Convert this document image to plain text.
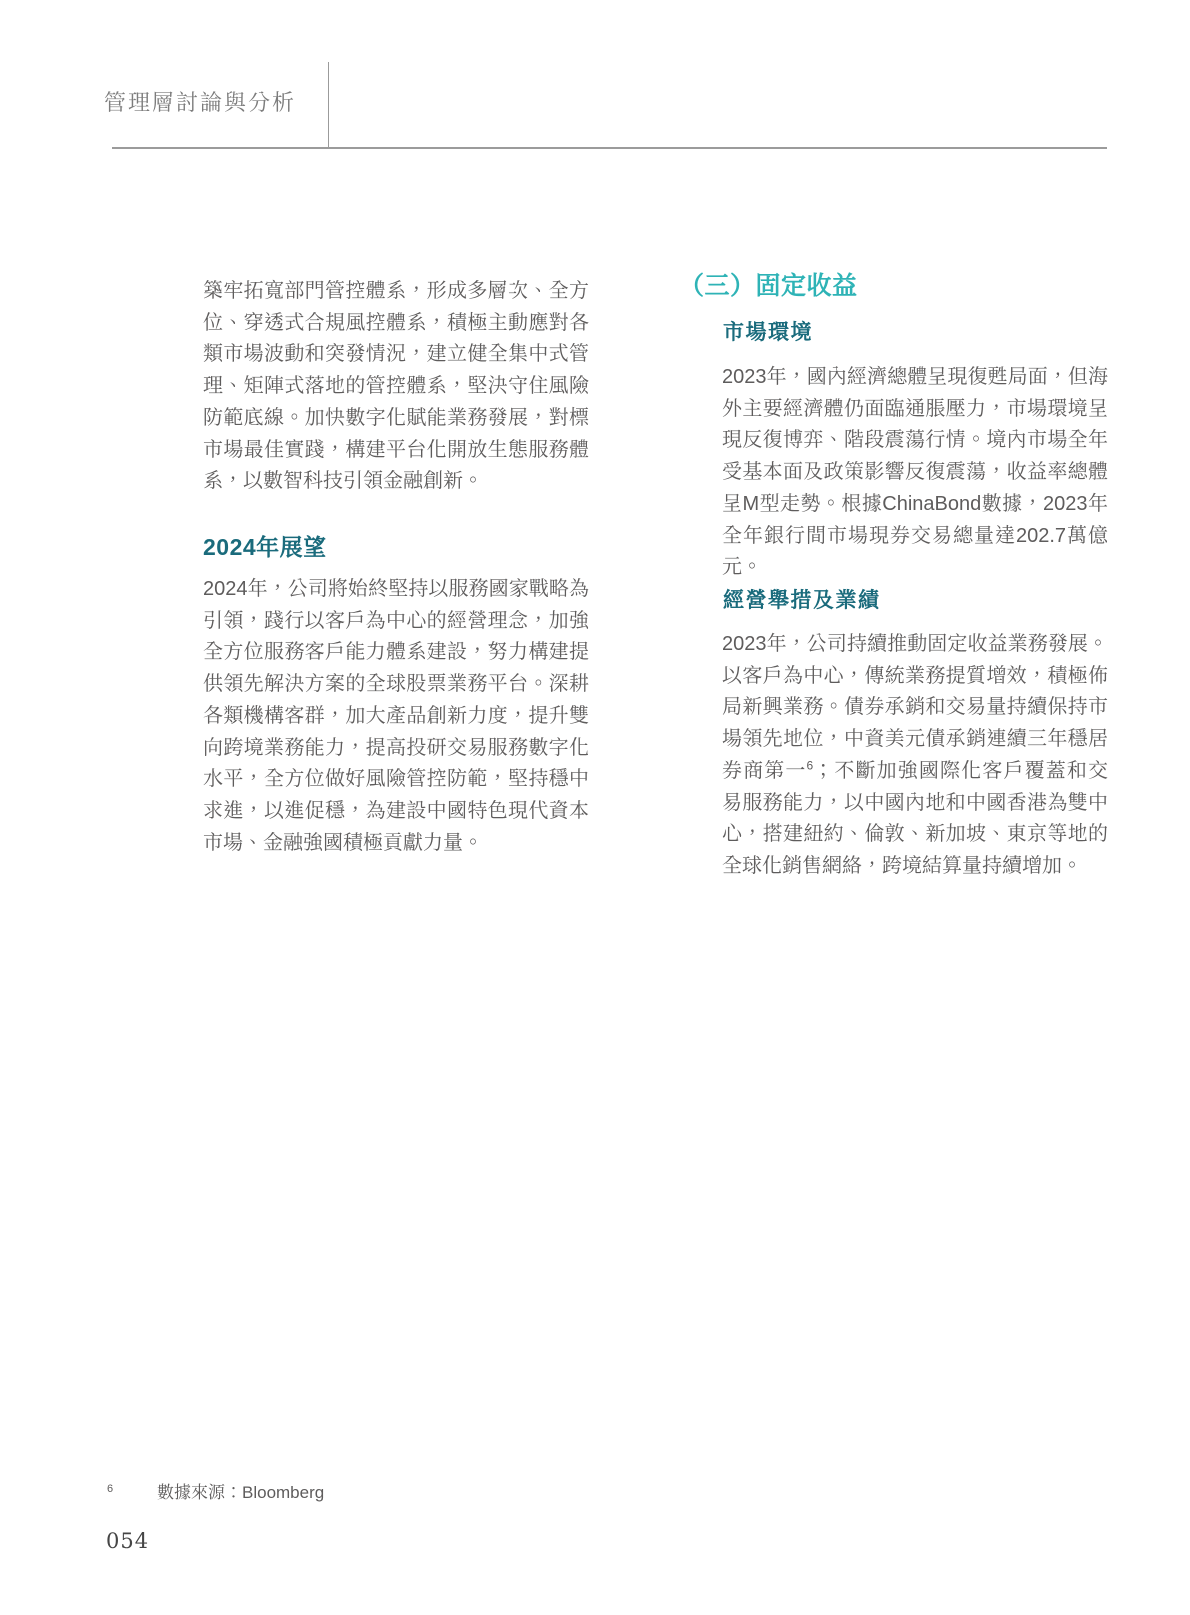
管理層討論與分析

築牢拓寬部門管控體系，形成多層次、全方位、穿透式合規風控體系，積極主動應對各類市場波動和突發情況，建立健全集中式管理、矩陣式落地的管控體系，堅決守住風險防範底線。加快數字化賦能業務發展，對標市場最佳實踐，構建平台化開放生態服務體系，以數智科技引領金融創新。

2024年展望

2024年，公司將始終堅持以服務國家戰略為引領，踐行以客戶為中心的經營理念，加強全方位服務客戶能力體系建設，努力構建提供領先解決方案的全球股票業務平台。深耕各類機構客群，加大產品創新力度，提升雙向跨境業務能力，提高投研交易服務數字化水平，全方位做好風險管控防範，堅持穩中求進，以進促穩，為建設中國特色現代資本市場、金融強國積極貢獻力量。

（三）固定收益
市場環境

2023年，國內經濟總體呈現復甦局面，但海外主要經濟體仍面臨通脹壓力，市場環境呈現反復博弈、階段震蕩行情。境內市場全年受基本面及政策影響反復震蕩，收益率總體呈M型走勢。根據ChinaBond數據，2023年全年銀行間市場現券交易總量達202.7萬億元。

經營舉措及業績

2023年，公司持續推動固定收益業務發展。以客戶為中心，傳統業務提質增效，積極佈局新興業務。債券承銷和交易量持續保持市場領先地位，中資美元債承銷連續三年穩居券商第一$^6$；不斷加強國際化客戶覆蓋和交易服務能力，以中國內地和中國香港為雙中心，搭建紐約、倫敦、新加坡、東京等地的全球化銷售網絡，跨境結算量持續增加。

6	數據來源：Bloomberg
054
